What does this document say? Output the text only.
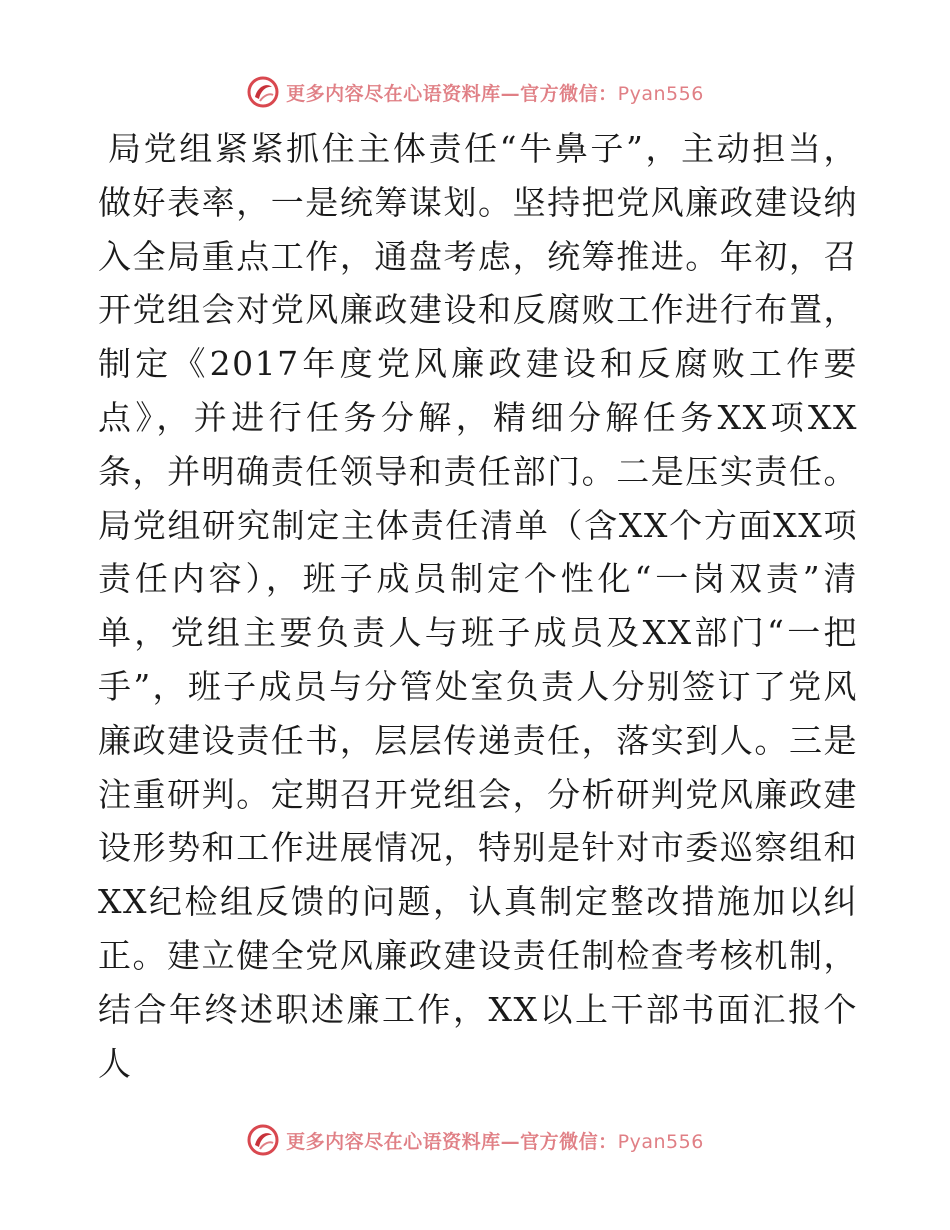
更多内容尽在心语资料库—官方微信：Pyan556

局党组紧紧抓住主体责任“牛鼻子”，主动担当，做好表率，一是统筹谋划。坚持把党风廉政建设纳入全局重点工作，通盘考虑，统筹推进。年初，召开党组会对党风廉政建设和反腐败工作进行布置，制定《2017年度党风廉政建设和反腐败工作要点》，并进行任务分解，精细分解任务XX项XX条，并明确责任领导和责任部门。二是压实责任。局党组研究制定主体责任清单（含XX个方面XX项责任内容），班子成员制定个性化“一岗双责”清单，党组主要负责人与班子成员及XX部门“一把手”，班子成员与分管处室负责人分别签订了党风廉政建设责任书，层层传递责任，落实到人。三是注重研判。定期召开党组会，分析研判党风廉政建设形势和工作进展情况，特别是针对市委巡察组和XX纪检组反馈的问题，认真制定整改措施加以纠正。建立健全党风廉政建设责任制检查考核机制，结合年终述职述廉工作，XX以上干部书面汇报个人

更多内容尽在心语资料库—官方微信：Pyan556
